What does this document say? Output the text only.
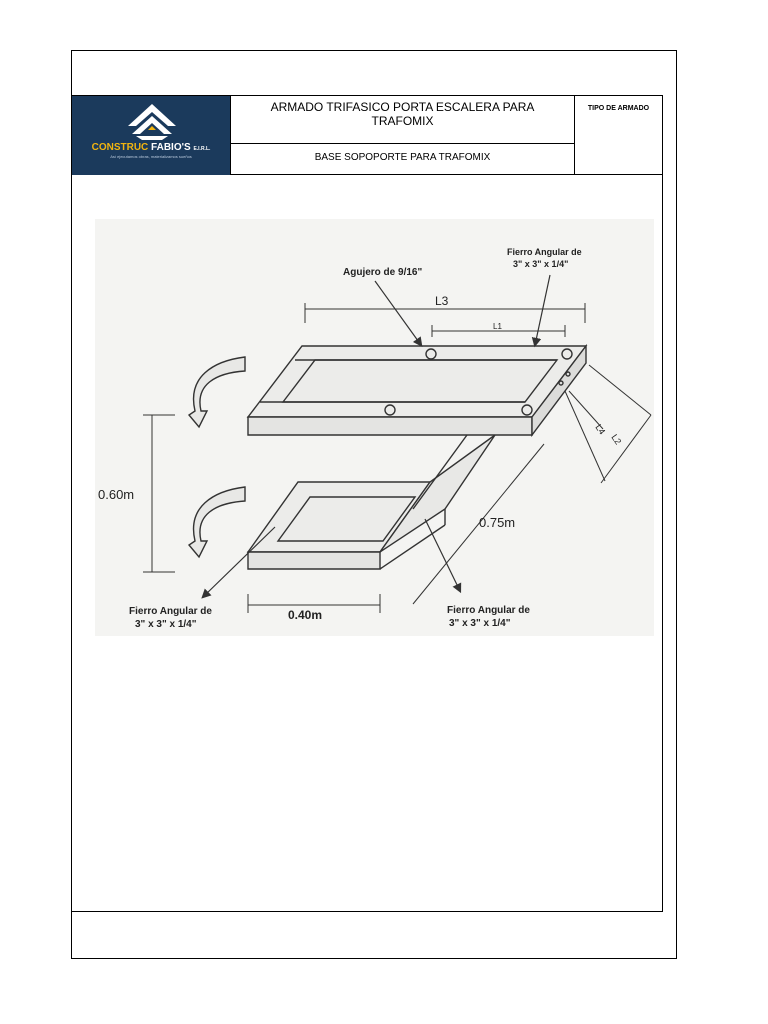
CONSTRUC FABIO'S E.I.R.L.
Así ejecutamos obras, materializamos sueños
ARMADO TRIFASICO PORTA ESCALERA PARA TRAFOMIX
BASE SOPOPORTE PARA TRAFOMIX
TIPO DE ARMADO
Agujero de 9/16"
Fierro Angular de
3" x 3" x 1/4"
Fierro Angular de
3" x 3" x 1/4"
Fierro Angular de
3" x 3" x 1/4"
L3
L1
L4
L2
0.60m
0.75m
0.40m
